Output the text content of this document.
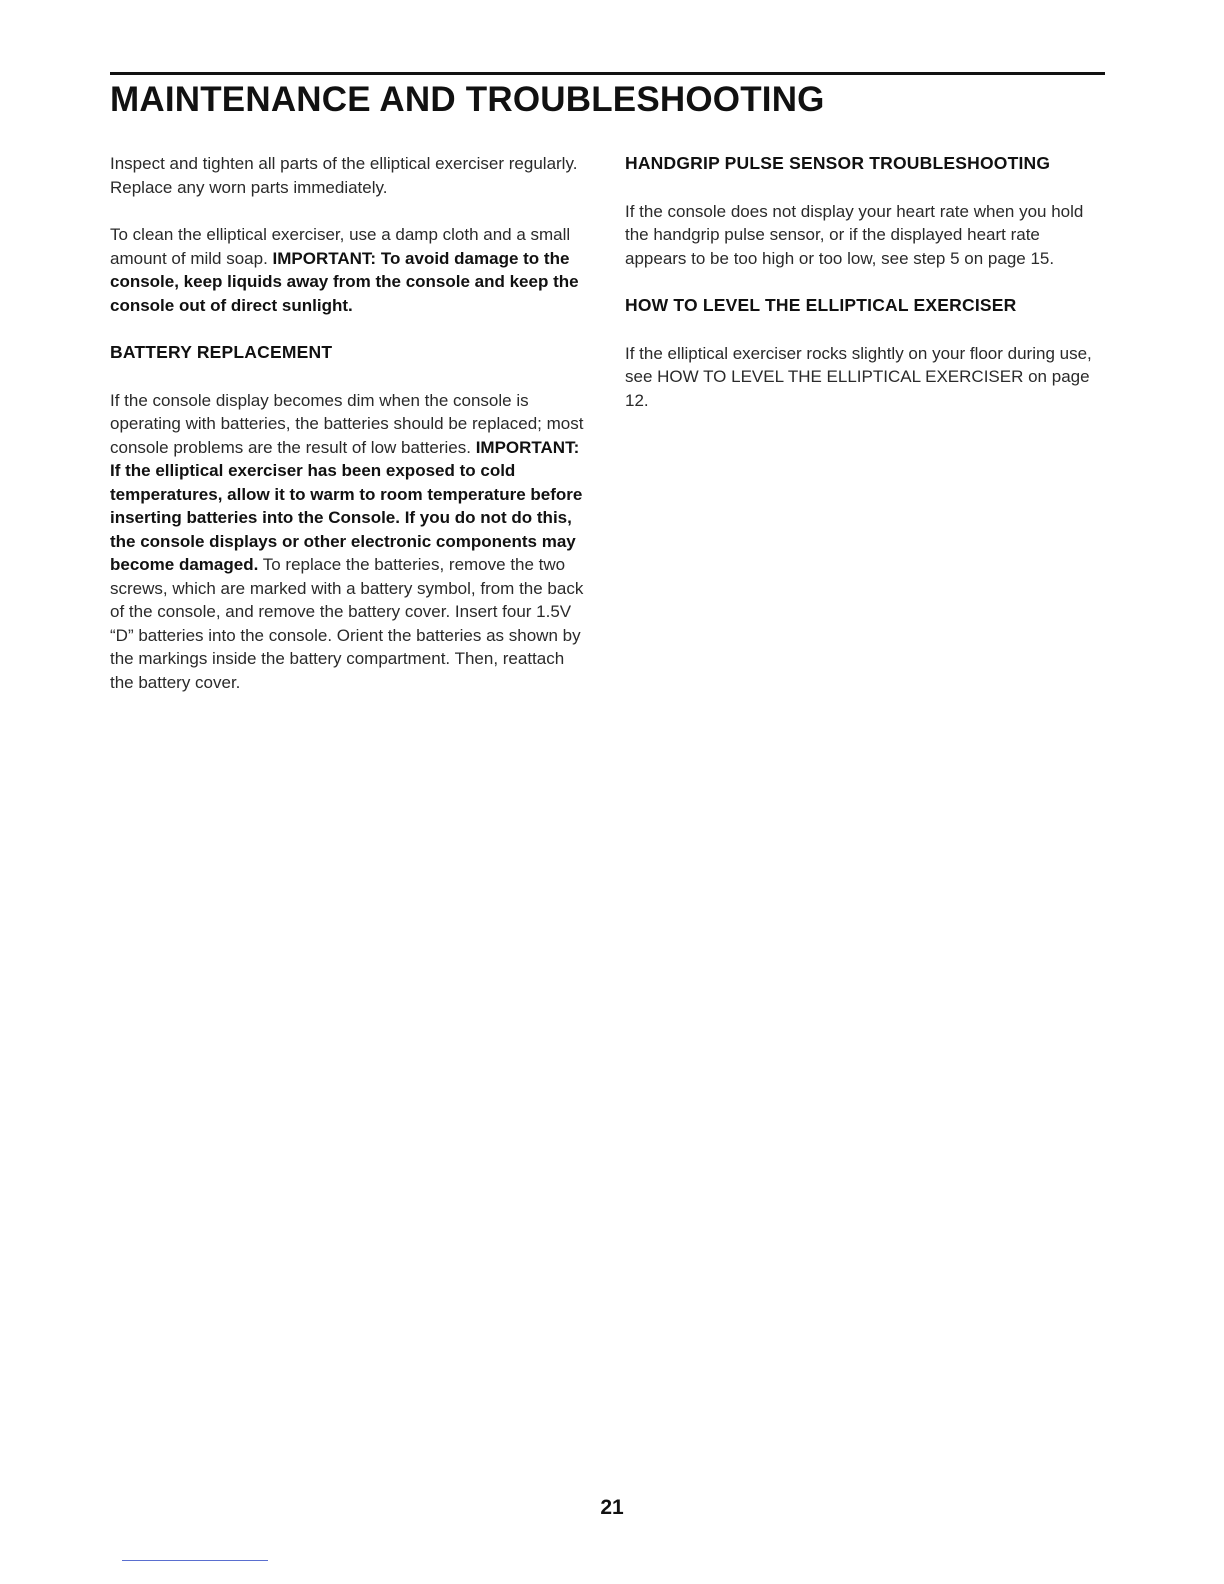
MAINTENANCE AND TROUBLESHOOTING

Inspect and tighten all parts of the elliptical exerciser regularly. Replace any worn parts immediately.

To clean the elliptical exerciser, use a damp cloth and a small amount of mild soap. IMPORTANT: To avoid damage to the console, keep liquids away from the console and keep the console out of direct sunlight.

BATTERY REPLACEMENT

If the console display becomes dim when the console is operating with batteries, the batteries should be replaced; most console problems are the result of low batteries. IMPORTANT: If the elliptical exerciser has been exposed to cold temperatures, allow it to warm to room temperature before inserting batteries into the Console. If you do not do this, the console displays or other electronic components may become damaged. To replace the batteries, remove the two screws, which are marked with a battery symbol, from the back of the console, and remove the battery cover. Insert four 1.5V “D” batteries into the console. Orient the batteries as shown by the markings inside the battery compartment. Then, reattach the battery cover.

HANDGRIP PULSE SENSOR TROUBLESHOOTING

If the console does not display your heart rate when you hold the handgrip pulse sensor, or if the displayed heart rate appears to be too high or too low, see step 5 on page 15.

HOW TO LEVEL THE ELLIPTICAL EXERCISER

If the elliptical exerciser rocks slightly on your floor during use, see HOW TO LEVEL THE ELLIPTICAL EXERCISER on page 12.

21
